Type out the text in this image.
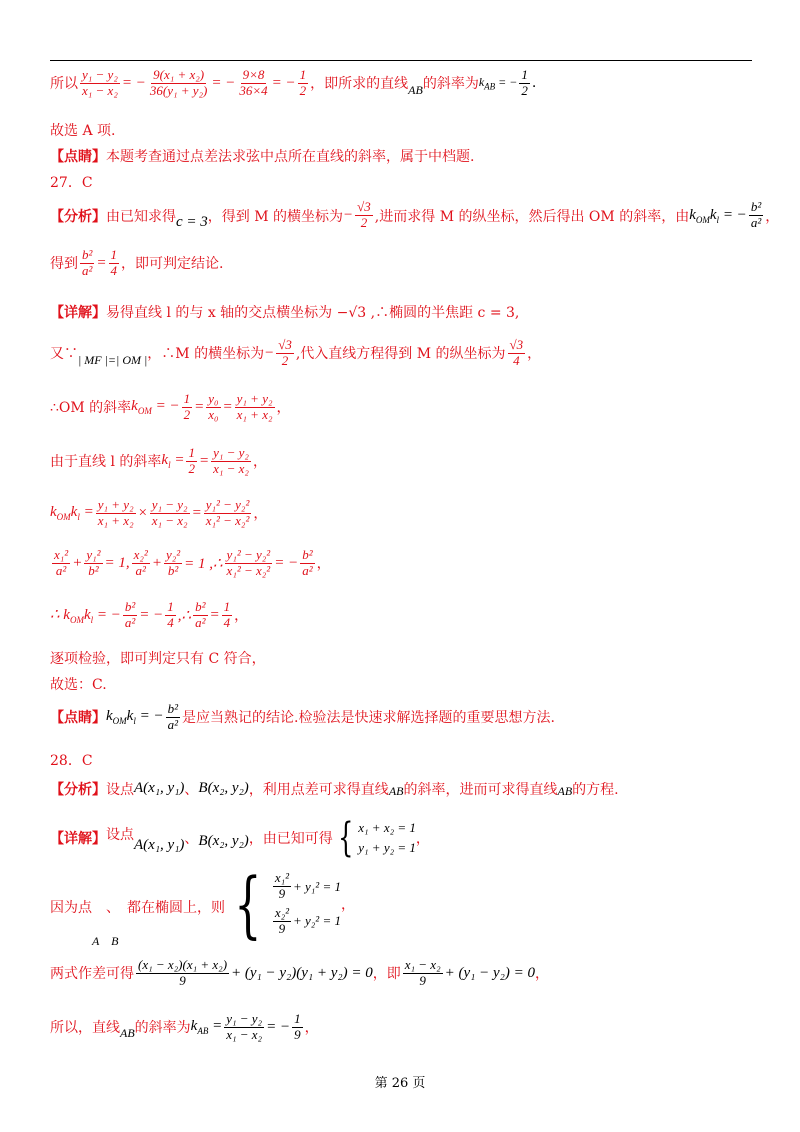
所以 $\frac{\text{y₁ − y₂}}{\text{x₁ − x₂}}$ = − $\frac{\text{9(x₁ + x₂)}}{\text{36(y₁ + y₂)}}$ = − $\frac{9\times 8}{36\times 4}$ = − $\frac{1}{2}$ ，即所求的直线 AB 的斜率为 $k_{AB}$ = − $\frac{1}{2}$ .
故选 A 项.
【点睛】 本题考查通过点差法求弦中点所在直线的斜率，属于中档题.
27．C
【分析】 由已知求得 c = 3 ，得到 M 的横坐标为 − $\frac{√3}{2}$ ,进而求得 M 的纵坐标，然后得出 OM 的斜率，由 $k_{OM}k_l$ = − $\frac{\text{b²}}{\text{a²}}$ ，
得到 $\frac{\text{b²}}{\text{a²}} = \frac{1}{4}$ ，即可判定结论.
【详解】 易得直线 l 的与 x 轴的交点横坐标为 −√3 ,∴椭圆的半焦距 c = 3,
又∵ | MF |=| OM | ，∴M 的横坐标为 − $\frac{√3}{2}$ ,代入直线方程得到 M 的纵坐标为 $\frac{√3}{4}$ ，
∴OM 的斜率 $k_{OM}$ = − $\frac{1}{2} = \frac{\text{y₀}}{\text{x₀}} = \frac{\text{y₁ + y₂}}{\text{x₁ + x₂}}$ ，
由于直线 l 的斜率 $k_l = \frac{1}{2} = \frac{\text{y₁ − y₂}}{\text{x₁ − x₂}}$ ，
$k_{OM}k_l = \frac{\text{y₁ + y₂}}{\text{x₁ + x₂}} \times \frac{\text{y₁ − y₂}}{\text{x₁ − x₂}} = \frac{\text{y₁² − y₂²}}{\text{x₁² − x₂²}}$ ，
$\frac{\text{x₁²}}{\text{a²}} + \frac{\text{y₁²}}{\text{b²}} = 1$, $\frac{\text{x₂²}}{\text{a²}} + \frac{\text{y₂²}}{\text{b²}} = 1$ ,∴ $\frac{\text{y₁² − y₂²}}{\text{x₁² − x₂²}}$ = − $\frac{\text{b²}}{\text{a²}}$ ，
∴ $k_{OM}k_l$ = − $\frac{\text{b²}}{\text{a²}}$ = − $\frac{1}{4}$ ,∴ $\frac{\text{b²}}{\text{a²}} = \frac{1}{4}$ ，
逐项检验，即可判定只有 C 符合，
故选：C.
【点睛】 $k_{OM}k_l$ = − $\frac{\text{b²}}{\text{a²}}$ 是应当熟记的结论.检验法是快速求解选择题的重要思想方法.
28．C
【分析】 设点 A(x₁, y₁) 、 B(x₂, y₂) ，利用点差可求得直线 AB 的斜率，进而可求得直线 AB 的方程.
【详解】 设点
A(x₁, y₁) 、 B(x₂, y₂) ，由已知可得 { x₁ + x₂ = 1
y₁ + y₂ = 1
，
因为点　、　都在椭圆上，则 { $\frac{\text{x₁²}}{9} + y_1^2 = 1$
$\frac{\text{x₂²}}{9} + y_2^2 = 1$
，
A　B
两式作差可得 $\frac{\text{(x₁ − x₂)(x₁ + x₂)}}{9} + (y_1 - y_2)(y_1 + y_2) = 0$ ，即 $\frac{\text{x₁ − x₂}}{9} + (y_1 - y_2) = 0$ ，
所以，直线 AB 的斜率为 $k_{AB} = \frac{\text{y₁ − y₂}}{\text{x₁ − x₂}}$ = − $\frac{1}{9}$ ，
第 26 页
